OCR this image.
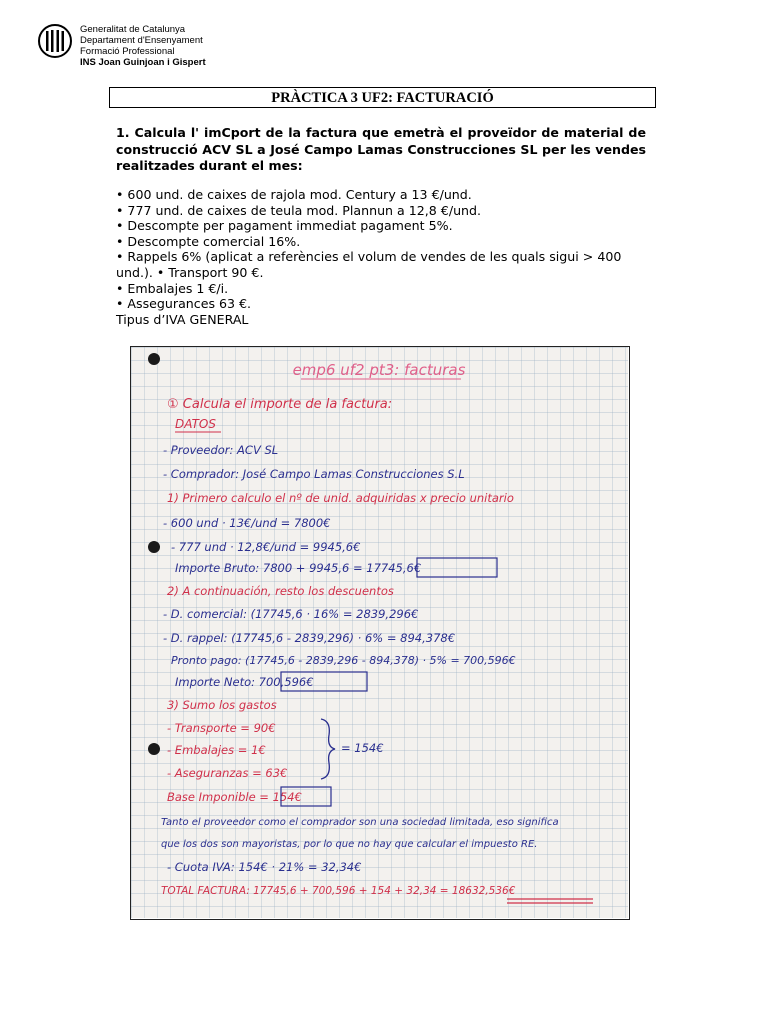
Generalitat de Catalunya
Departament d'Ensenyament
Formació Professional
INS Joan Guinjoan i Gispert
PRÀCTICA 3 UF2: FACTURACIÓ
1. Calcula l' imCport de la factura que emetrà el proveïdor de material de construcció ACV SL a José Campo Lamas Construcciones SL per les vendes realitzades durant el mes:
• 600 und. de caixes de rajola mod. Century a 13 €/und.
• 777 und. de caixes de teula mod. Plannun a 12,8 €/und.
• Descompte per pagament immediat pagament 5%.
• Descompte comercial 16%.
• Rappels 6% (aplicat a referències el volum de vendes de les quals sigui > 400 und.). • Transport 90 €.
• Embalajes 1 €/i.
• Assegurances 63 €.
Tipus d’IVA GENERAL
emp6 uf2 pt3: facturas
① Calcula el importe de la factura:
DATOS
- Proveedor: ACV SL
- Comprador: José Campo Lamas Construcciones S.L
1) Primero calculo el nº de unid. adquiridas x precio unitario
- 600 und · 13€/und = 7800€
- 777 und · 12,8€/und = 9945,6€
Importe Bruto: 7800 + 9945,6 = 17745,6€
2) A continuación, resto los descuentos
- D. comercial: (17745,6 · 16% = 2839,296€
- D. rappel: (17745,6 - 2839,296) · 6% = 894,378€
Pronto pago: (17745,6 - 2839,296 - 894,378) · 5% = 700,596€
Importe Neto: 700,596€
3) Sumo los gastos
- Transporte = 90€
- Embalajes = 1€
- Aseguranzas = 63€
= 154€
Base Imponible = 154€
Tanto el proveedor como el comprador son una sociedad limitada, eso significa
que los dos son mayoristas, por lo que no hay que calcular el impuesto RE.
- Cuota IVA: 154€ · 21% = 32,34€
TOTAL FACTURA: 17745,6 + 700,596 + 154 + 32,34 = 18632,536€
